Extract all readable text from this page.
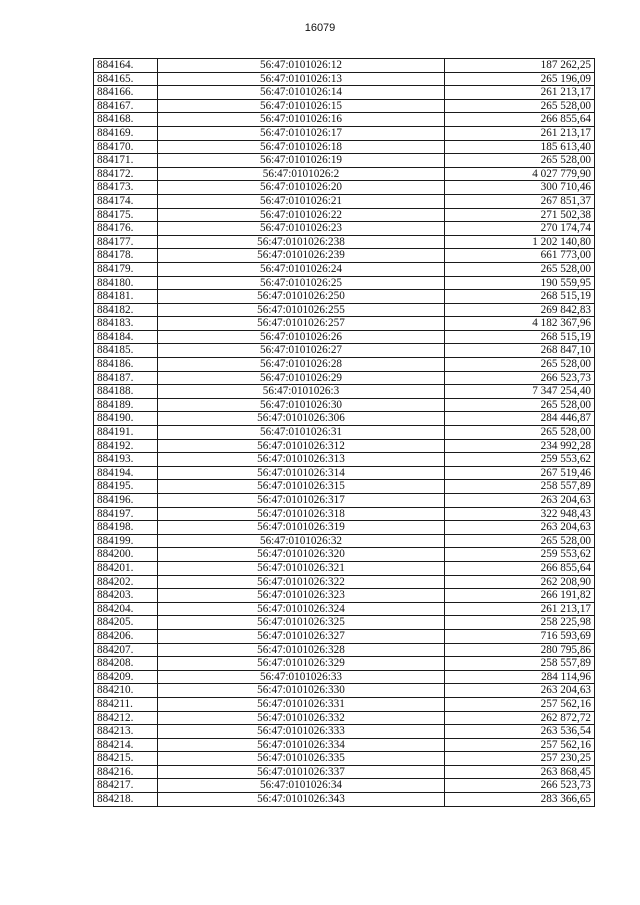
16079
884164.	56:47:0101026:12	187 262,25
884165.	56:47:0101026:13	265 196,09
884166.	56:47:0101026:14	261 213,17
884167.	56:47:0101026:15	265 528,00
884168.	56:47:0101026:16	266 855,64
884169.	56:47:0101026:17	261 213,17
884170.	56:47:0101026:18	185 613,40
884171.	56:47:0101026:19	265 528,00
884172.	56:47:0101026:2	4 027 779,90
884173.	56:47:0101026:20	300 710,46
884174.	56:47:0101026:21	267 851,37
884175.	56:47:0101026:22	271 502,38
884176.	56:47:0101026:23	270 174,74
884177.	56:47:0101026:238	1 202 140,80
884178.	56:47:0101026:239	661 773,00
884179.	56:47:0101026:24	265 528,00
884180.	56:47:0101026:25	190 559,95
884181.	56:47:0101026:250	268 515,19
884182.	56:47:0101026:255	269 842,83
884183.	56:47:0101026:257	4 182 367,96
884184.	56:47:0101026:26	268 515,19
884185.	56:47:0101026:27	268 847,10
884186.	56:47:0101026:28	265 528,00
884187.	56:47:0101026:29	266 523,73
884188.	56:47:0101026:3	7 347 254,40
884189.	56:47:0101026:30	265 528,00
884190.	56:47:0101026:306	284 446,87
884191.	56:47:0101026:31	265 528,00
884192.	56:47:0101026:312	234 992,28
884193.	56:47:0101026:313	259 553,62
884194.	56:47:0101026:314	267 519,46
884195.	56:47:0101026:315	258 557,89
884196.	56:47:0101026:317	263 204,63
884197.	56:47:0101026:318	322 948,43
884198.	56:47:0101026:319	263 204,63
884199.	56:47:0101026:32	265 528,00
884200.	56:47:0101026:320	259 553,62
884201.	56:47:0101026:321	266 855,64
884202.	56:47:0101026:322	262 208,90
884203.	56:47:0101026:323	266 191,82
884204.	56:47:0101026:324	261 213,17
884205.	56:47:0101026:325	258 225,98
884206.	56:47:0101026:327	716 593,69
884207.	56:47:0101026:328	280 795,86
884208.	56:47:0101026:329	258 557,89
884209.	56:47:0101026:33	284 114,96
884210.	56:47:0101026:330	263 204,63
884211.	56:47:0101026:331	257 562,16
884212.	56:47:0101026:332	262 872,72
884213.	56:47:0101026:333	263 536,54
884214.	56:47:0101026:334	257 562,16
884215.	56:47:0101026:335	257 230,25
884216.	56:47:0101026:337	263 868,45
884217.	56:47:0101026:34	266 523,73
884218.	56:47:0101026:343	283 366,65
